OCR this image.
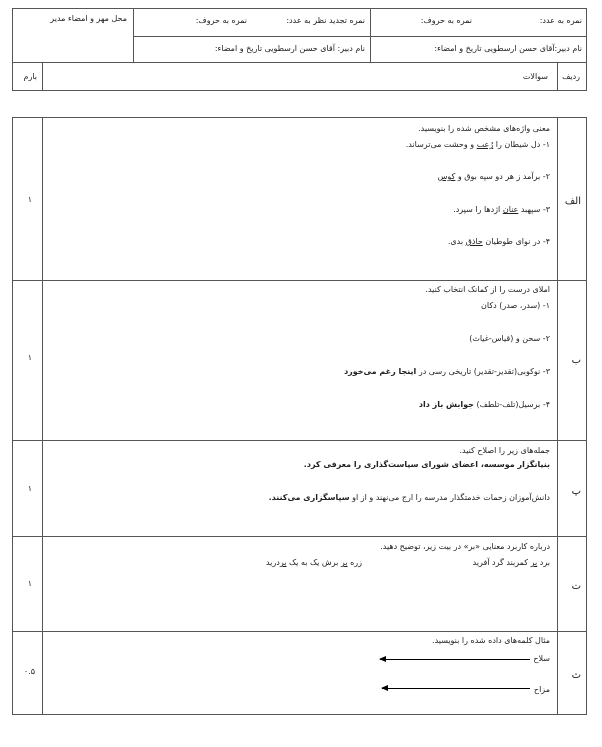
محل مهر و امضاء مدیر	نمره به عدد:
نمره به حروف:
نمره تجدید نظر به عدد:
نمره به حروف:
نام دبیر:آقای حسن ارسطویی تاریخ و امضاء:
نام دبیر: آقای حسن ارسطویی تاریخ و امضاء:
ردیف
سوالات
بارم
الف
۱
معنی واژه‌های مشخص شده را بنویسید.
۱- دل شیطان را رُعب و وحشت می‌ترساند.
۲- برآمد ز هر دو سپه بوق و کوس
۳- سپهبد عنان اژدها را سپرد.
۴- در نوای طوطیان حاذق بدی.
ب
۱
املای درست را از کمانک انتخاب کنید.
۱- (سدر، صدر) دکان
۲- سحن و (قیاس-غیاث)
۳- نوکوبی(تقدیر-تقدیر) تاریخی رسی در اینجا رغم می‌خورد
۴- برسیل(تلف-تلطف) جوابش باز داد
پ
۱
جمله‌های زیر را اصلاح کنید.
بنیانگزار موسسه، اعضای شورای سیاست‌گذاری را معرفی کرد.
دانش‌آموزان زحمات خدمتگذار مدرسه را ارج می‌نهند و از او سپاسگزاری می‌کنند.
ت
۱
درباره کاربرد معنایی «بر» در بیت زیر، توضیح دهید.
برد بر کمربند گرد آفرید
زره بر برش یک به یک بردرید
ث
۰.۵
مثال کلمه‌های داده شده را بنویسید.
سلاح
مزاح
